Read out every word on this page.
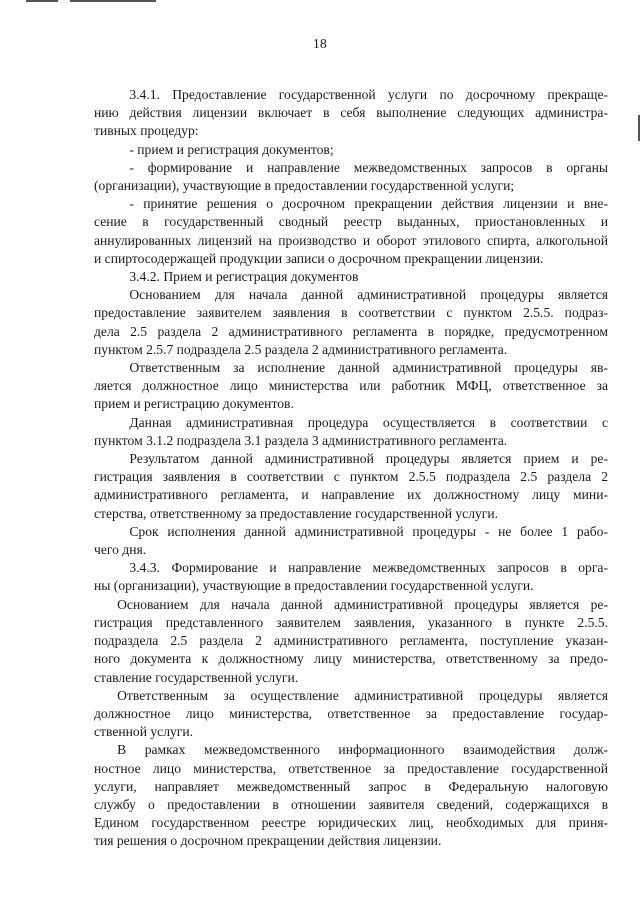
18

3.4.1. Предоставление государственной услуги по досрочному прекраще-

нию действия лицензии включает в себя выполнение следующих администра-

тивных процедур:

- прием и регистрация документов;

- формирование и направление межведомственных запросов в органы

(организации), участвующие в предоставлении государственной услуги;

- принятие решения о досрочном прекращении действия лицензии и вне-

сение в государственный сводный реестр выданных, приостановленных и аннулированных лицензий на производство и оборот этилового спирта, алкогольной

и спиртосодержащей продукции записи о досрочном прекращении лицензии.

3.4.2. Прием и регистрация документов

Основанием для начала данной административной процедуры является

предоставление заявителем заявления в соответствии с пунктом 2.5.5. подраз-

дела 2.5 раздела 2 административного регламента в порядке, предусмотренном

пунктом 2.5.7 подраздела 2.5 раздела 2 административного регламента.

Ответственным за исполнение данной административной процедуры яв-

ляется должностное лицо министерства или работник МФЦ, ответственное за

прием и регистрацию документов.

Данная административная процедура осуществляется в соответствии с

пунктом 3.1.2 подраздела 3.1 раздела 3 административного регламента.

Результатом данной административной процедуры является прием и ре-

гистрация заявления в соответствии с пунктом 2.5.5 подраздела 2.5 раздела 2

административного регламента, и направление их должностному лицу мини-

стерства, ответственному за предоставление государственной услуги.

Срок исполнения данной административной процедуры - не более 1 рабо-

чего дня.

3.4.3. Формирование и направление межведомственных запросов в орга-

ны (организации), участвующие в предоставлении государственной услуги.

Основанием для начала данной административной процедуры является ре-

гистрация представленного заявителем заявления, указанного в пункте 2.5.5.

подраздела 2.5 раздела 2 административного регламента, поступление указан-

ного документа к должностному лицу министерства, ответственному за предо-

ставление государственной услуги.

Ответственным за осуществление административной процедуры является

должностное лицо министерства, ответственное за предоставление государ-

ственной услуги.

В рамках межведомственного информационного взаимодействия долж-

ностное лицо министерства, ответственное за предоставление государственной

услуги, направляет межведомственный запрос в Федеральную налоговую

службу о предоставлении в отношении заявителя сведений, содержащихся в

Едином государственном реестре юридических лиц, необходимых для приня-

тия решения о досрочном прекращении действия лицензии.
